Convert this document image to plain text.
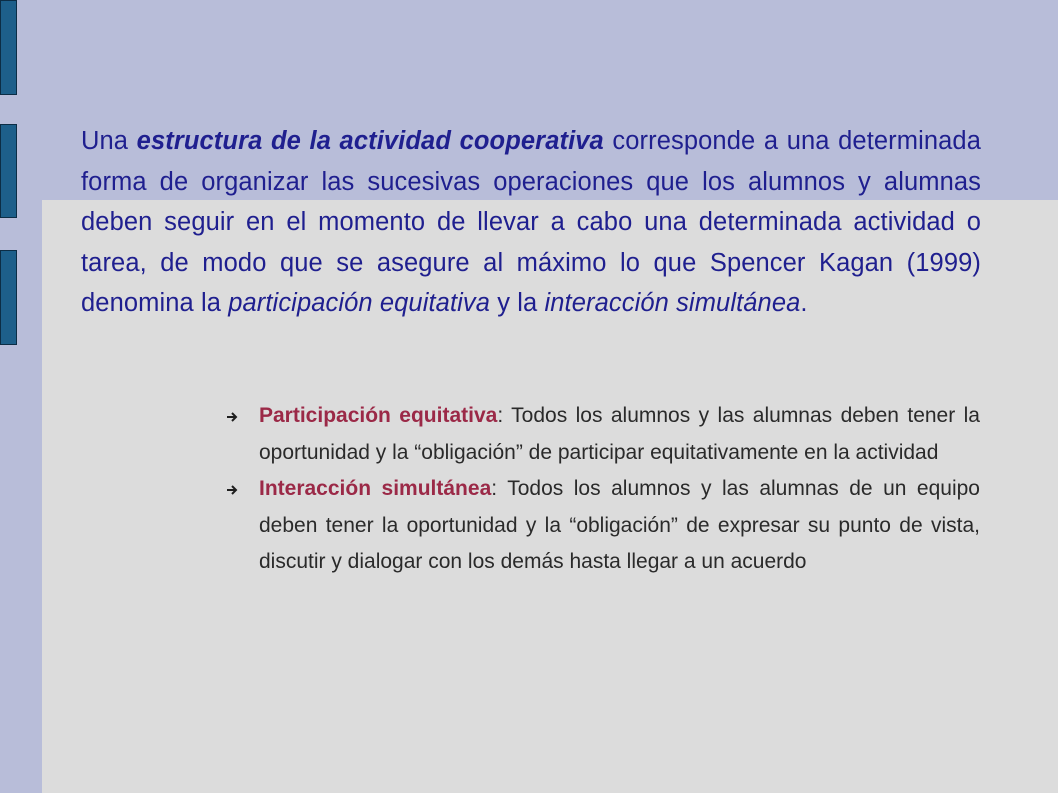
Una estructura de la actividad cooperativa corresponde a una determinada forma de organizar las sucesivas operaciones que los alumnos y alumnas deben seguir en el momento de llevar a cabo una determinada actividad o tarea, de modo que se asegure al máximo lo que Spencer Kagan (1999) denomina la participación equitativa y la interacción simultánea.

Participación equitativa: Todos los alumnos y las alumnas deben tener la oportunidad y la “obligación” de participar equitativamente en la actividad
Interacción simultánea: Todos los alumnos y las alumnas de un equipo deben tener la oportunidad y la “obligación” de expresar su punto de vista, discutir y dialogar con los demás hasta llegar a un acuerdo
